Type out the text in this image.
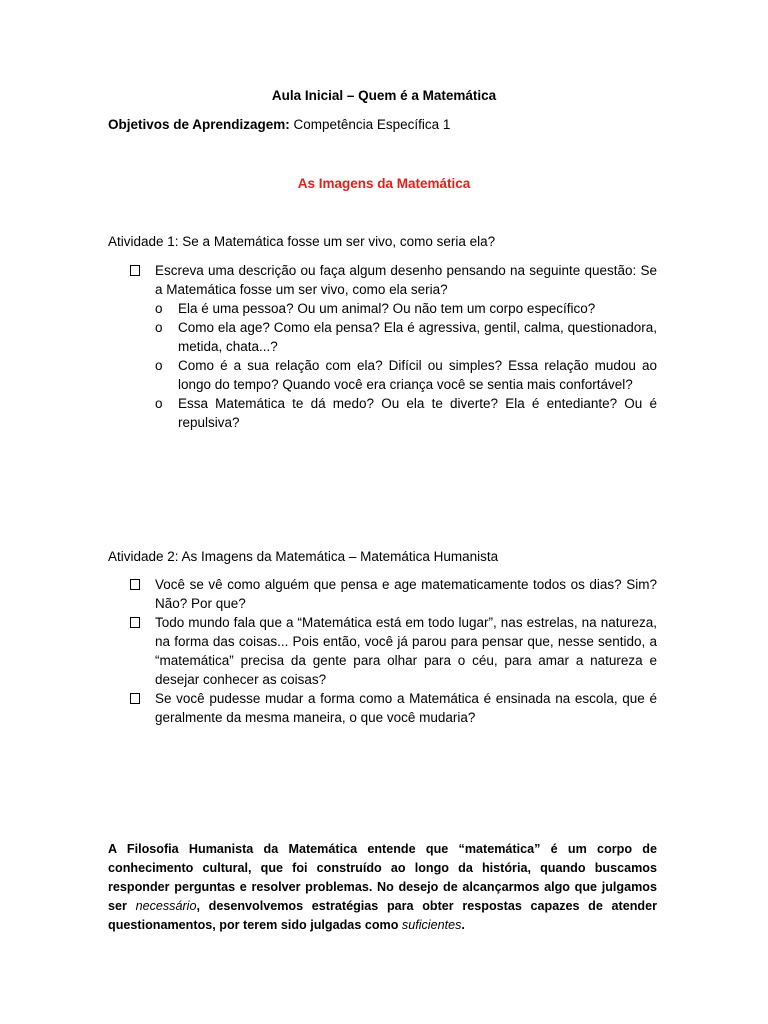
Aula Inicial – Quem é a Matemática
Objetivos de Aprendizagem: Competência Específica 1
As Imagens da Matemática
Atividade 1: Se a Matemática fosse um ser vivo, como seria ela?
Escreva uma descrição ou faça algum desenho pensando na seguinte questão: Se a Matemática fosse um ser vivo, como ela seria?
o Ela é uma pessoa? Ou um animal? Ou não tem um corpo específico?
o Como ela age? Como ela pensa? Ela é agressiva, gentil, calma, questionadora, metida, chata...?
o Como é a sua relação com ela? Difícil ou simples? Essa relação mudou ao longo do tempo? Quando você era criança você se sentia mais confortável?
o Essa Matemática te dá medo? Ou ela te diverte? Ela é entediante? Ou é repulsiva?
Atividade 2: As Imagens da Matemática – Matemática Humanista
Você se vê como alguém que pensa e age matematicamente todos os dias? Sim? Não? Por que?
Todo mundo fala que a “Matemática está em todo lugar”, nas estrelas, na natureza, na forma das coisas... Pois então, você já parou para pensar que, nesse sentido, a “matemática” precisa da gente para olhar para o céu, para amar a natureza e desejar conhecer as coisas?
Se você pudesse mudar a forma como a Matemática é ensinada na escola, que é geralmente da mesma maneira, o que você mudaria?
A Filosofia Humanista da Matemática entende que “matemática” é um corpo de conhecimento cultural, que foi construído ao longo da história, quando buscamos responder perguntas e resolver problemas. No desejo de alcançarmos algo que julgamos ser necessário, desenvolvemos estratégias para obter respostas capazes de atender questionamentos, por terem sido julgadas como suficientes.
